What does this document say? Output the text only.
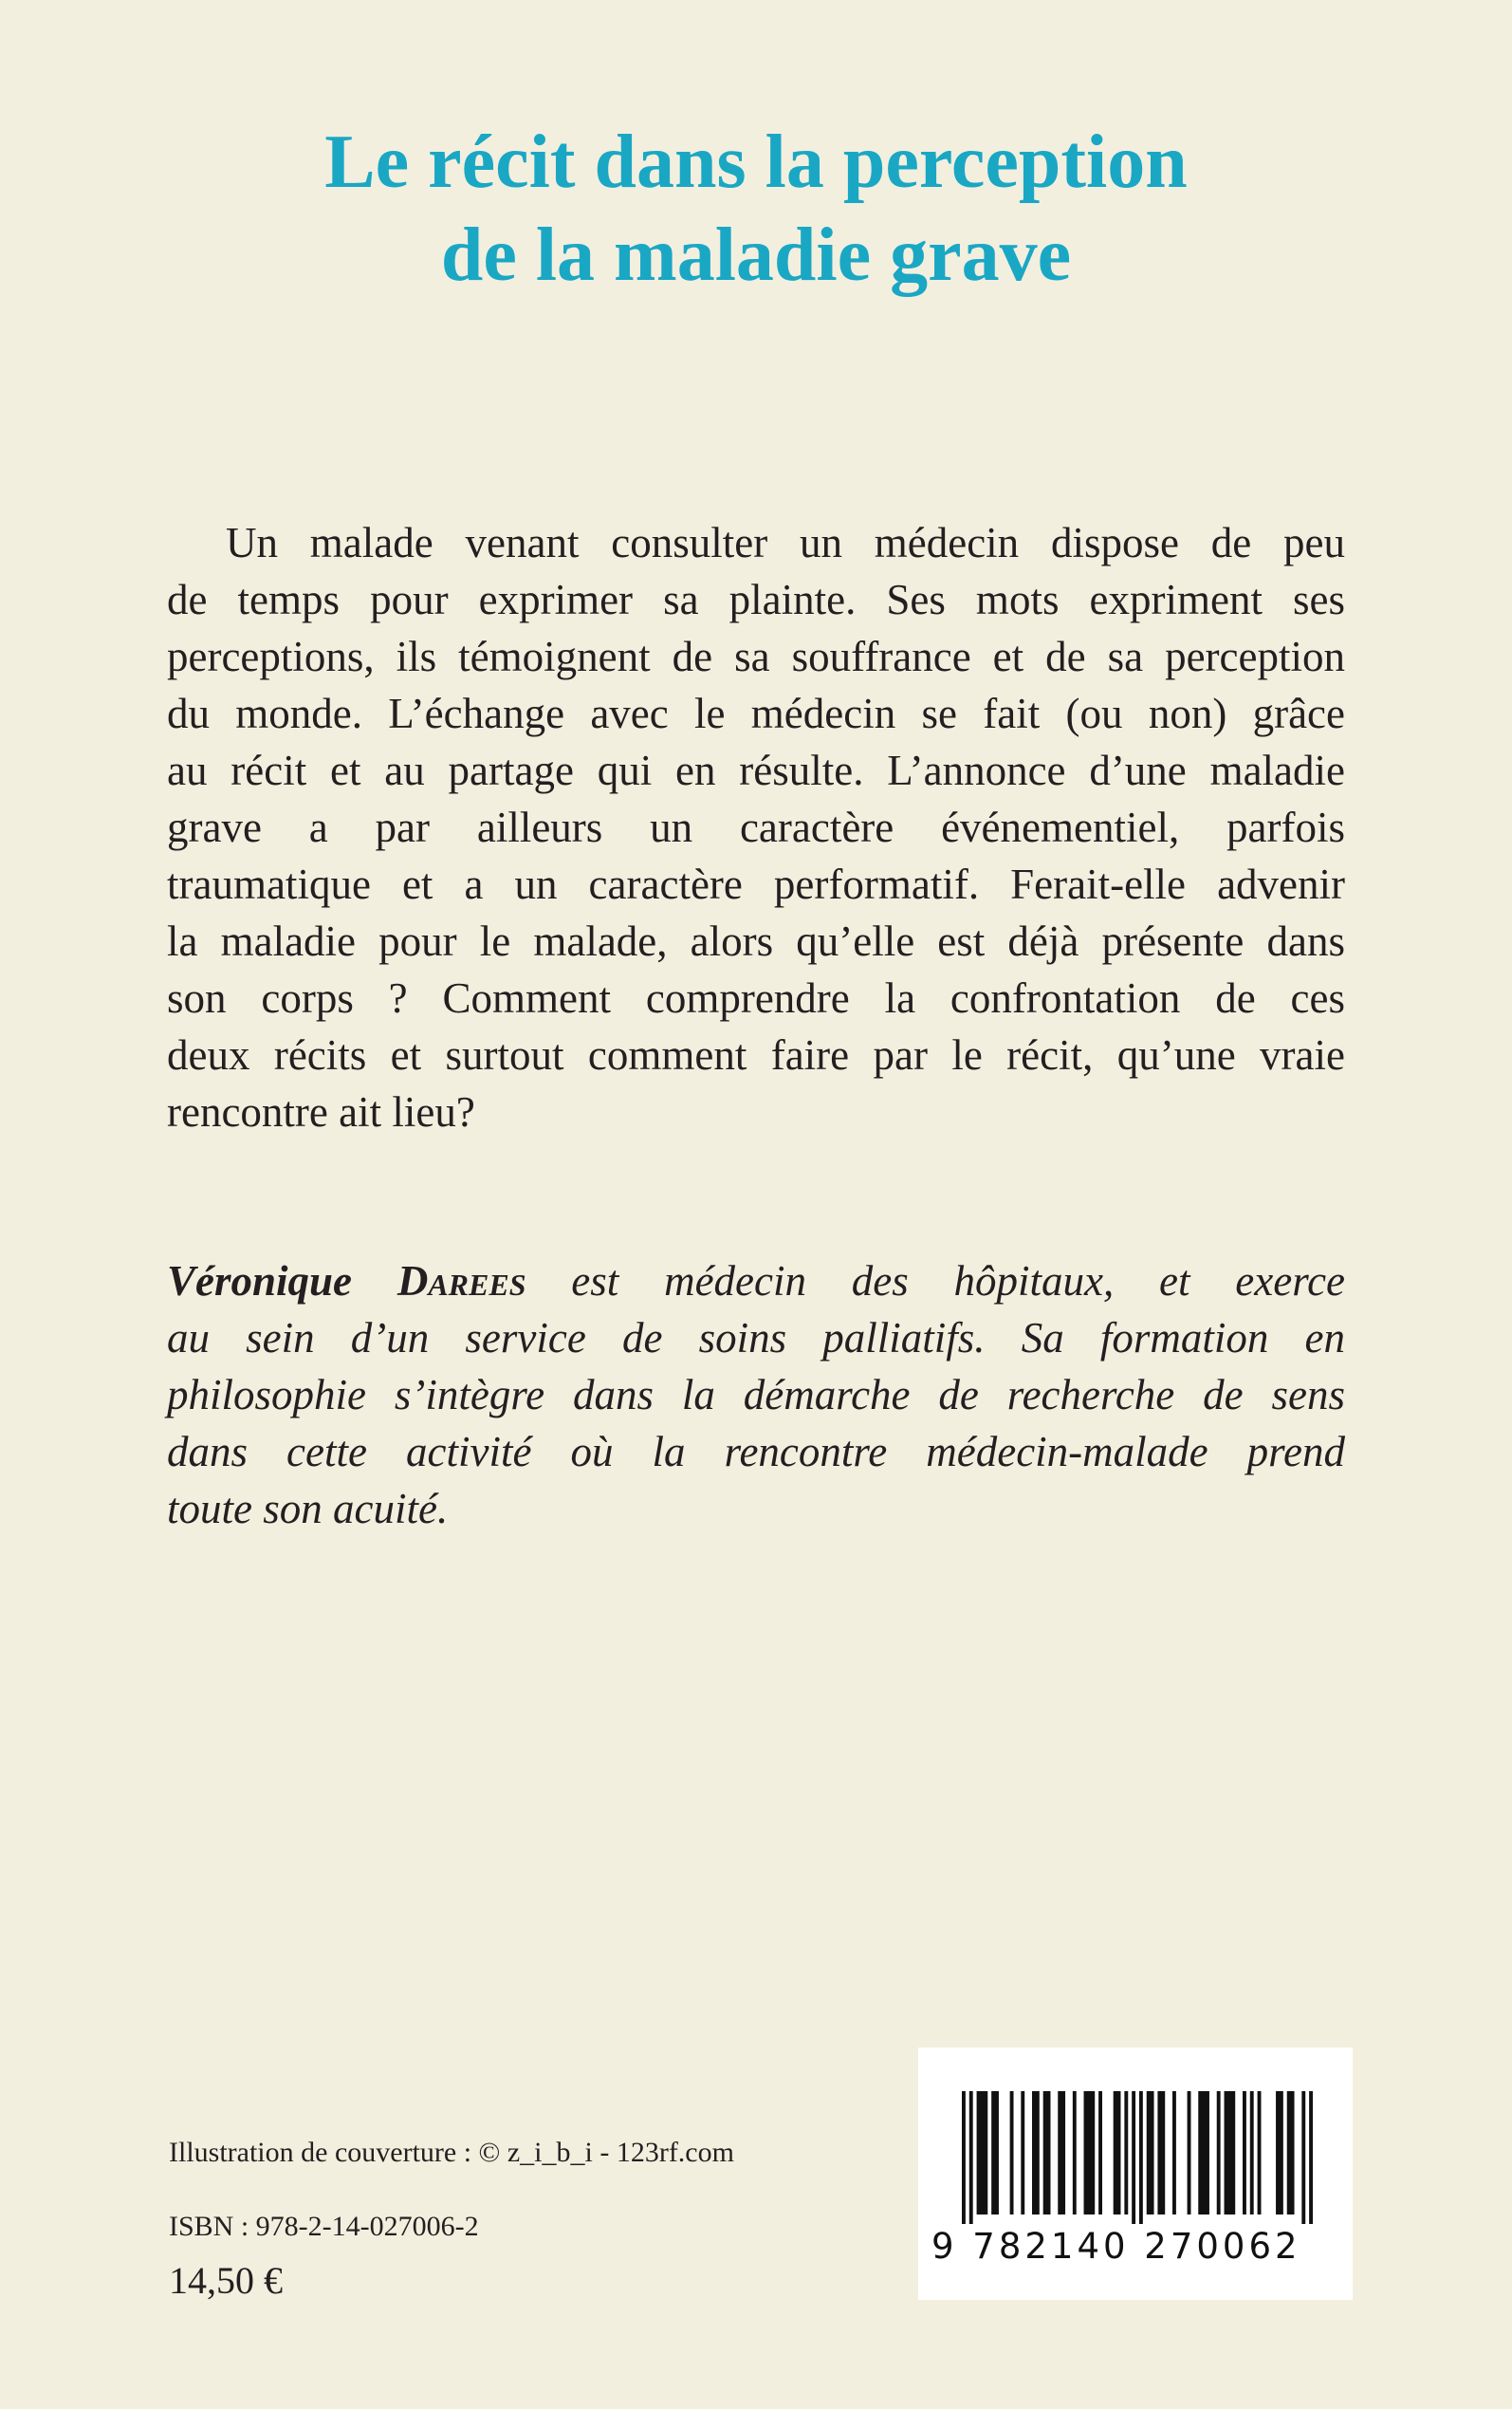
Le récit dans la perception
de la maladie grave
Un malade venant consulter un médecin dispose de peu
de temps pour exprimer sa plainte. Ses mots expriment ses
perceptions, ils témoignent de sa souffrance et de sa perception
du monde. L’échange avec le médecin se fait (ou non) grâce
au récit et au partage qui en résulte. L’annonce d’une maladie
grave a par ailleurs un caractère événementiel, parfois
traumatique et a un caractère performatif. Ferait-elle advenir
la maladie pour le malade, alors qu’elle est déjà présente dans
son corps ? Comment comprendre la confrontation de ces
deux récits et surtout comment faire par le récit, qu’une vraie
rencontre ait lieu?
Véronique Darees est médecin des hôpitaux, et exerce
au sein d’un service de soins palliatifs. Sa formation en
philosophie s’intègre dans la démarche de recherche de sens
dans cette activité où la rencontre médecin-malade prend
toute son acuité.

Illustration de couverture : © z_i_b_i - 123rf.com

ISBN : 978-2-14-027006-2

14,50 €

9 782140 270062
